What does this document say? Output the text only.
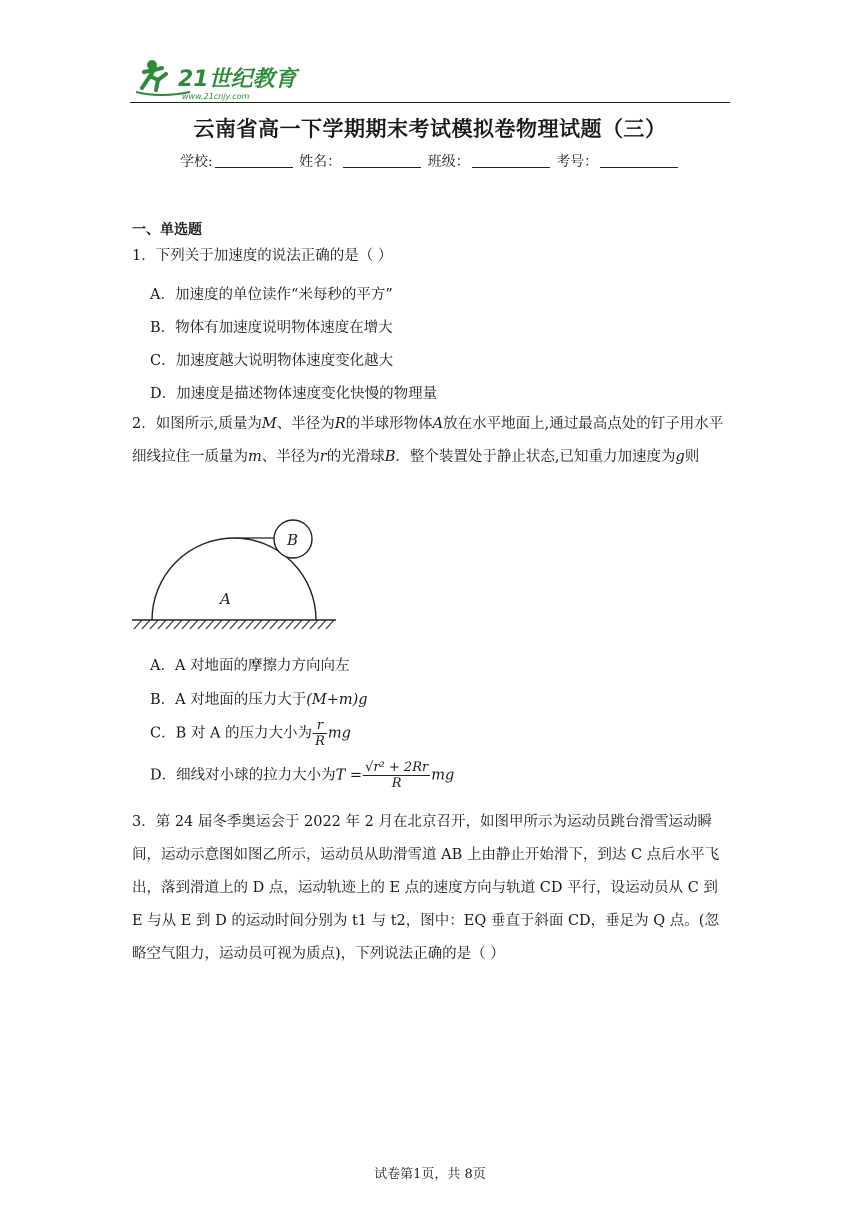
21世纪教育
www.21cnjy.com
云南省高一下学期期末考试模拟卷物理试题（三）
学校:	姓名：	班级：	考号：
一、单选题
1．下列关于加速度的说法正确的是（ ）
A．加速度的单位读作“米每秒的平方”
B．物体有加速度说明物体速度在增大
C．加速度越大说明物体速度变化越大
D．加速度是描述物体速度变化快慢的物理量
2．如图所示,质量为M、半径为R的半球形物体A放在水平地面上,通过最高点处的钉子用水平细线拉住一质量为m、半径为r的光滑球B．整个装置处于静止状态,已知重力加速度为g则
B
A
A．A 对地面的摩擦力方向向左
B．A 对地面的压力大于(M+m)g
C．B 对 A 的压力大小为 $\frac{r}{R}$ mg
D．细线对小球的拉力大小为$T = \frac{\text{√r² + 2Rr}}{R}$ mg
3．第 24 届冬季奥运会于 2022 年 2 月在北京召开，如图甲所示为运动员跳台滑雪运动瞬间，运动示意图如图乙所示，运动员从助滑雪道 AB 上由静止开始滑下，到达 C 点后水平飞出，落到滑道上的 D 点，运动轨迹上的 E 点的速度方向与轨道 CD 平行，设运动员从 C 到 E 与从 E 到 D 的运动时间分别为 t1 与 t2，图中：EQ 垂直于斜面 CD，垂足为 Q 点。(忽略空气阻力，运动员可视为质点)，下列说法正确的是（ ）
试卷第1页，共 8页
